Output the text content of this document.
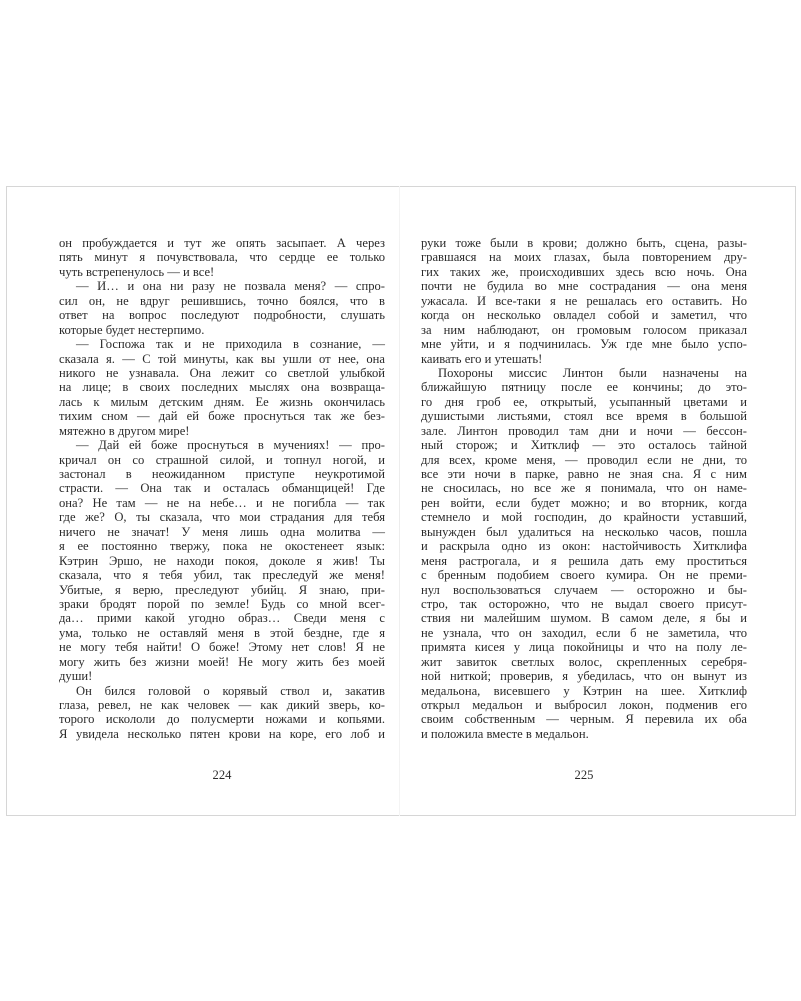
он пробуждается и тут же опять засыпает. А через
пять минут я почувствовала, что сердце ее только
чуть встрепенулось — и все!
— И… и она ни разу не позвала меня? — спро-
сил он, не вдруг решившись, точно боялся, что в
ответ на вопрос последуют подробности, слушать
которые будет нестерпимо.
— Госпожа так и не приходила в сознание, —
сказала я. — С той минуты, как вы ушли от нее, она
никого не узнавала. Она лежит со светлой улыбкой
на лице; в своих последних мыслях она возвраща-
лась к милым детским дням. Ее жизнь окончилась
тихим сном — дай ей боже проснуться так же без-
мятежно в другом мире!
— Дай ей боже проснуться в мучениях! — про-
кричал он со страшной силой, и топнул ногой, и
застонал в неожиданном приступе неукротимой
страсти. — Она так и осталась обманщицей! Где
она? Не там — не на небе… и не погибла — так
где же? О, ты сказала, что мои страдания для тебя
ничего не значат! У меня лишь одна молитва —
я ее постоянно твержу, пока не окостенеет язык:
Кэтрин Эршо, не находи покоя, доколе я жив! Ты
сказала, что я тебя убил, так преследуй же меня!
Убитые, я верю, преследуют убийц. Я знаю, при-
зраки бродят порой по земле! Будь со мной всег-
да… прими какой угодно образ… Сведи меня с
ума, только не оставляй меня в этой бездне, где я
не могу тебя найти! О боже! Этому нет слов! Я не
могу жить без жизни моей! Не могу жить без моей
души!
Он бился головой о корявый ствол и, закатив
глаза, ревел, не как человек — как дикий зверь, ко-
торого искололи до полусмерти ножами и копьями.
Я увидела несколько пятен крови на коре, его лоб и
224
руки тоже были в крови; должно быть, сцена, разы-
гравшаяся на моих глазах, была повторением дру-
гих таких же, происходивших здесь всю ночь. Она
почти не будила во мне сострадания — она меня
ужасала. И все-таки я не решалась его оставить. Но
когда он несколько овладел собой и заметил, что
за ним наблюдают, он громовым голосом приказал
мне уйти, и я подчинилась. Уж где мне было успо-
каивать его и утешать!
Похороны миссис Линтон были назначены на
ближайшую пятницу после ее кончины; до это-
го дня гроб ее, открытый, усыпанный цветами и
душистыми листьями, стоял все время в большой
зале. Линтон проводил там дни и ночи — бессон-
ный сторож; и Хитклиф — это осталось тайной
для всех, кроме меня, — проводил если не дни, то
все эти ночи в парке, равно не зная сна. Я с ним
не сносилась, но все же я понимала, что он наме-
рен войти, если будет можно; и во вторник, когда
стемнело и мой господин, до крайности уставший,
вынужден был удалиться на несколько часов, пошла
и раскрыла одно из окон: настойчивость Хитклифа
меня растрогала, и я решила дать ему проститься
с бренным подобием своего кумира. Он не преми-
нул воспользоваться случаем — осторожно и бы-
стро, так осторожно, что не выдал своего присут-
ствия ни малейшим шумом. В самом деле, я бы и
не узнала, что он заходил, если б не заметила, что
примята кисея у лица покойницы и что на полу ле-
жит завиток светлых волос, скрепленных серебря-
ной ниткой; проверив, я убедилась, что он вынут из
медальона, висевшего у Кэтрин на шее. Хитклиф
открыл медальон и выбросил локон, подменив его
своим собственным — черным. Я перевила их оба
и положила вместе в медальон.
225
